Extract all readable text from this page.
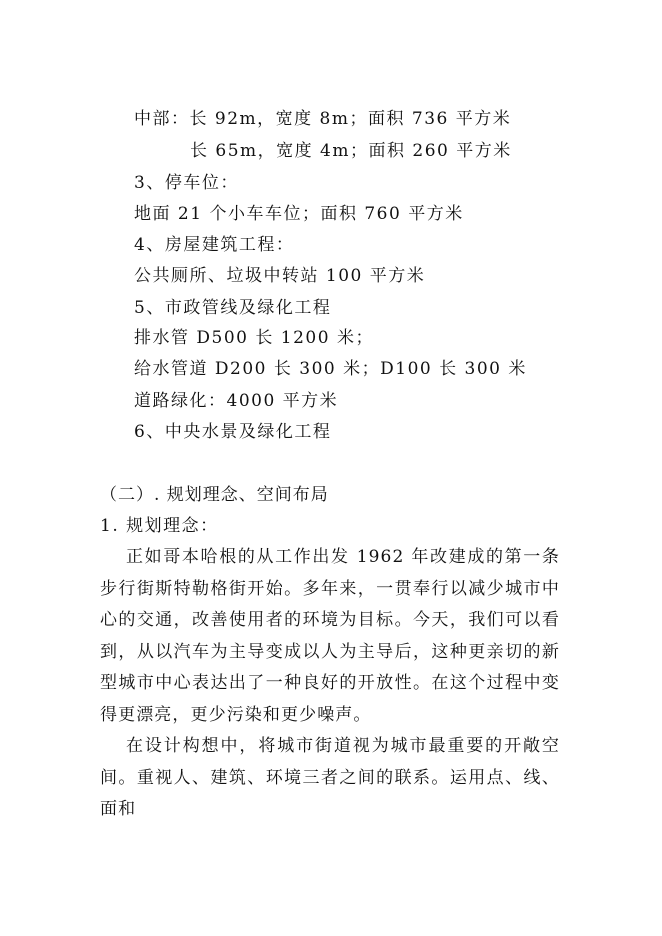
中部：长 92m，宽度 8m；面积 736 平方米
长 65m，宽度 4m；面积 260 平方米
3、停车位：
地面 21 个小车车位；面积 760 平方米
4、房屋建筑工程：
公共厕所、垃圾中转站 100 平方米
5、市政管线及绿化工程
排水管 D500 长 1200 米；
给水管道 D200 长 300 米；D100 长 300 米
道路绿化：4000 平方米
6、中央水景及绿化工程
（二）. 规划理念、空间布局
1. 规划理念：

正如哥本哈根的从工作出发 1962 年改建成的第一条步行街斯特勒格街开始。多年来，一贯奉行以减少城市中心的交通，改善使用者的环境为目标。今天，我们可以看到，从以汽车为主导变成以人为主导后，这种更亲切的新型城市中心表达出了一种良好的开放性。在这个过程中变得更漂亮，更少污染和更少噪声。

在设计构想中，将城市街道视为城市最重要的开敞空间。重视人、建筑、环境三者之间的联系。运用点、线、面和
